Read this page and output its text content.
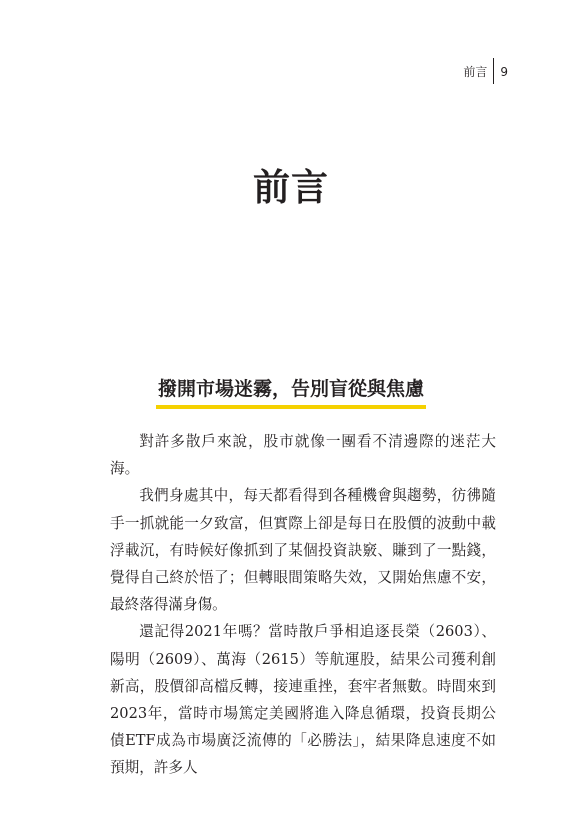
前言 9
前言
撥開市場迷霧，告別盲從與焦慮

對許多散戶來說，股市就像一團看不清邊際的迷茫大海。

我們身處其中，每天都看得到各種機會與趨勢，彷彿隨手一抓就能一夕致富，但實際上卻是每日在股價的波動中載浮載沉，有時候好像抓到了某個投資訣竅、賺到了一點錢，覺得自己終於悟了；但轉眼間策略失效，又開始焦慮不安，最終落得滿身傷。

還記得2021年嗎？當時散戶爭相追逐長榮（2603）、陽明（2609）、萬海（2615）等航運股，結果公司獲利創新高，股價卻高檔反轉，接連重挫，套牢者無數。時間來到2023年，當時市場篤定美國將進入降息循環，投資長期公債ETF成為市場廣泛流傳的「必勝法」，結果降息速度不如預期，許多人
